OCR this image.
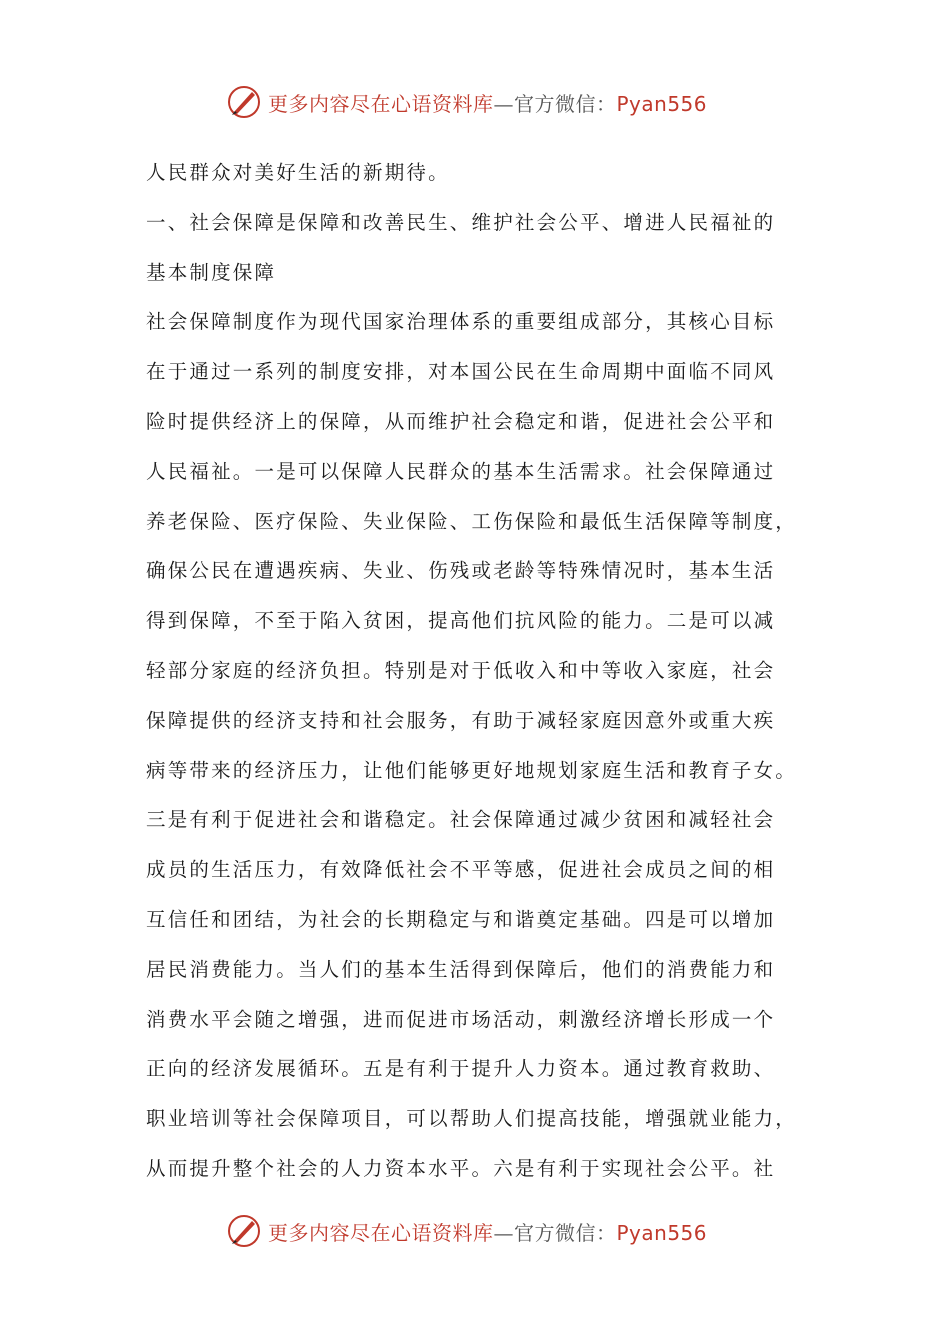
更多内容尽在心语资料库—官方微信：Pyan556
人民群众对美好生活的新期待。
一、社会保障是保障和改善民生、维护社会公平、增进人民福祉的
基本制度保障
社会保障制度作为现代国家治理体系的重要组成部分，其核心目标
在于通过一系列的制度安排，对本国公民在生命周期中面临不同风
险时提供经济上的保障，从而维护社会稳定和谐，促进社会公平和
人民福祉。一是可以保障人民群众的基本生活需求。社会保障通过
养老保险、医疗保险、失业保险、工伤保险和最低生活保障等制度，
确保公民在遭遇疾病、失业、伤残或老龄等特殊情况时，基本生活
得到保障，不至于陷入贫困，提高他们抗风险的能力。二是可以减
轻部分家庭的经济负担。特别是对于低收入和中等收入家庭，社会
保障提供的经济支持和社会服务，有助于减轻家庭因意外或重大疾
病等带来的经济压力，让他们能够更好地规划家庭生活和教育子女。
三是有利于促进社会和谐稳定。社会保障通过减少贫困和减轻社会
成员的生活压力，有效降低社会不平等感，促进社会成员之间的相
互信任和团结，为社会的长期稳定与和谐奠定基础。四是可以增加
居民消费能力。当人们的基本生活得到保障后，他们的消费能力和
消费水平会随之增强，进而促进市场活动，刺激经济增长形成一个
正向的经济发展循环。五是有利于提升人力资本。通过教育救助、
职业培训等社会保障项目，可以帮助人们提高技能，增强就业能力，
从而提升整个社会的人力资本水平。六是有利于实现社会公平。社
更多内容尽在心语资料库—官方微信：Pyan556
